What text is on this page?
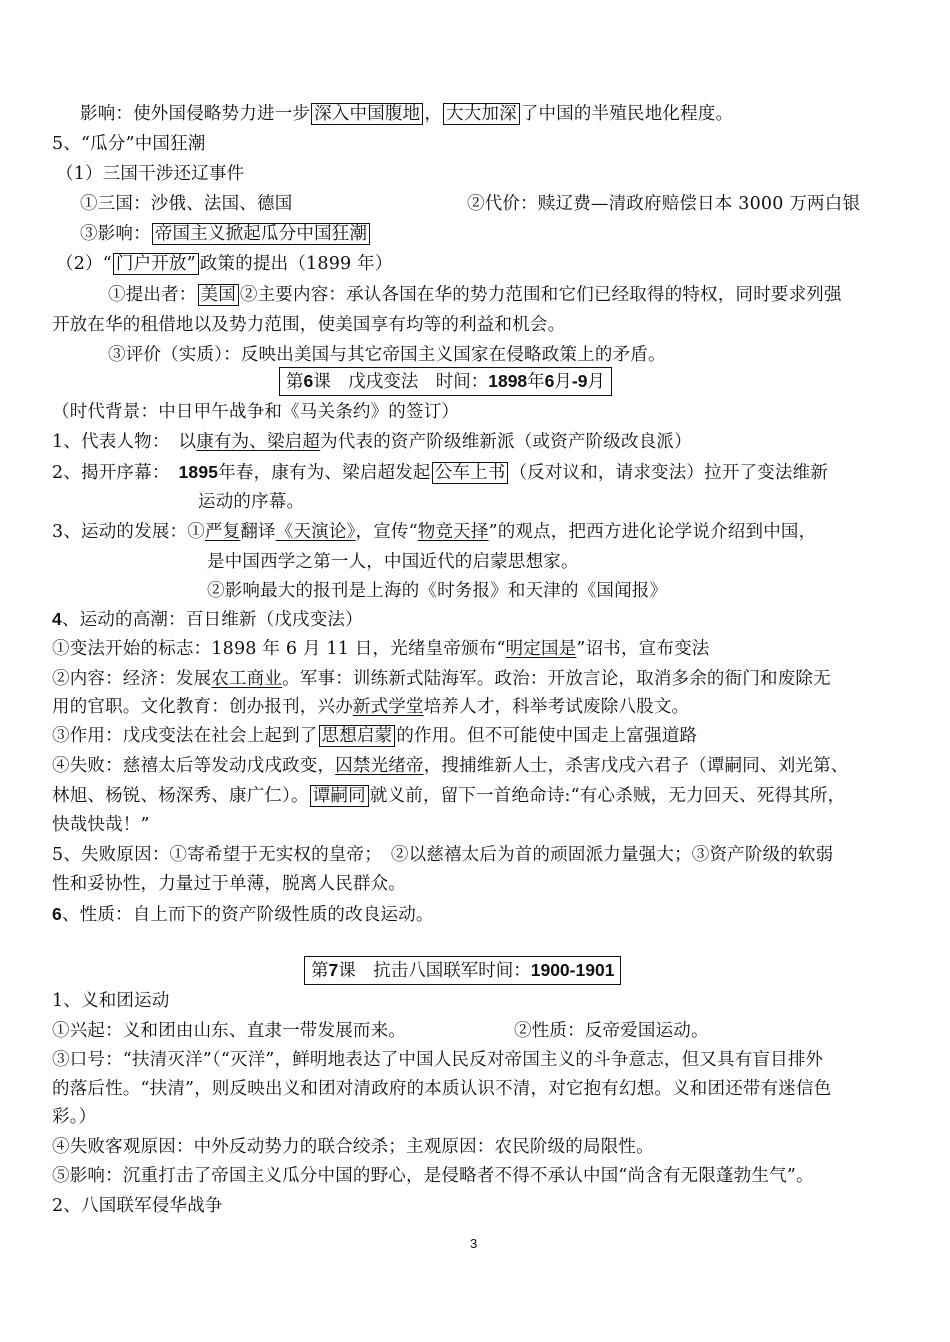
影响：使外国侵略势力进一步 深入中国腹地 ， 大大加深 了中国的半殖民地化程度。
5、“瓜分”中国狂潮
（1）三国干涉还辽事件
①三国：沙俄、法国、德国	②代价：赎辽费—清政府赔偿日本 3000 万两白银
③影响： 帝国主义掀起瓜分中国狂潮
（2）“ 门户开放” 政策的提出（1899 年）
①提出者： 美国 ②主要内容：承认各国在华的势力范围和它们已经取得的特权，同时要求列强
开放在华的租借地以及势力范围，使美国享有均等的利益和机会。
③评价（实质）：反映出美国与其它帝国主义国家在侵略政策上的矛盾。
第6课　戊戌变法　时间：1898年6月-9月
（时代背景：中日甲午战争和《马关条约》的签订）
1、代表人物：　以康有为、梁启超为代表的资产阶级维新派（或资产阶级改良派）
2、揭开序幕：　1895年春，康有为、梁启超发起 公车上书 （反对议和，请求变法）拉开了变法维新
运动的序幕。
3、运动的发展：①严复翻译《天演论》，宣传“物竞天择”的观点，把西方进化论学说介绍到中国，
是中国西学之第一人，中国近代的启蒙思想家。
②影响最大的报刊是上海的《时务报》和天津的《国闻报》
4、运动的高潮：百日维新（戊戌变法）
①变法开始的标志：1898 年 6 月 11 日，光绪皇帝颁布“明定国是”诏书，宣布变法
②内容：经济：发展农工商业。军事：训练新式陆海军。政治：开放言论，取消多余的衙门和废除无
用的官职。文化教育：创办报刊，兴办新式学堂培养人才，科举考试废除八股文。
③作用：戊戌变法在社会上起到了 思想启蒙 的作用。但不可能使中国走上富强道路
④失败：慈禧太后等发动戊戌政变，囚禁光绪帝，搜捕维新人士，杀害戊戌六君子（谭嗣同、刘光第、
林旭、杨锐、杨深秀、康广仁）。 谭嗣同 就义前，留下一首绝命诗:“有心杀贼，无力回天、死得其所，
快哉快哉！”
5、失败原因：①寄希望于无实权的皇帝；　②以慈禧太后为首的顽固派力量强大；③资产阶级的软弱
性和妥协性，力量过于单薄，脱离人民群众。
6、性质：自上而下的资产阶级性质的改良运动。
第7课　抗击八国联军时间：1900-1901
1、义和团运动
①兴起：义和团由山东、直隶一带发展而来。	②性质：反帝爱国运动。
③口号：“扶清灭洋”（“灭洋”，鲜明地表达了中国人民反对帝国主义的斗争意志，但又具有盲目排外
的落后性。“扶清”，则反映出义和团对清政府的本质认识不清，对它抱有幻想。义和团还带有迷信色
彩。）
④失败客观原因：中外反动势力的联合绞杀；主观原因：农民阶级的局限性。
⑤影响：沉重打击了帝国主义瓜分中国的野心，是侵略者不得不承认中国“尚含有无限蓬勃生气”。
2、八国联军侵华战争
3
